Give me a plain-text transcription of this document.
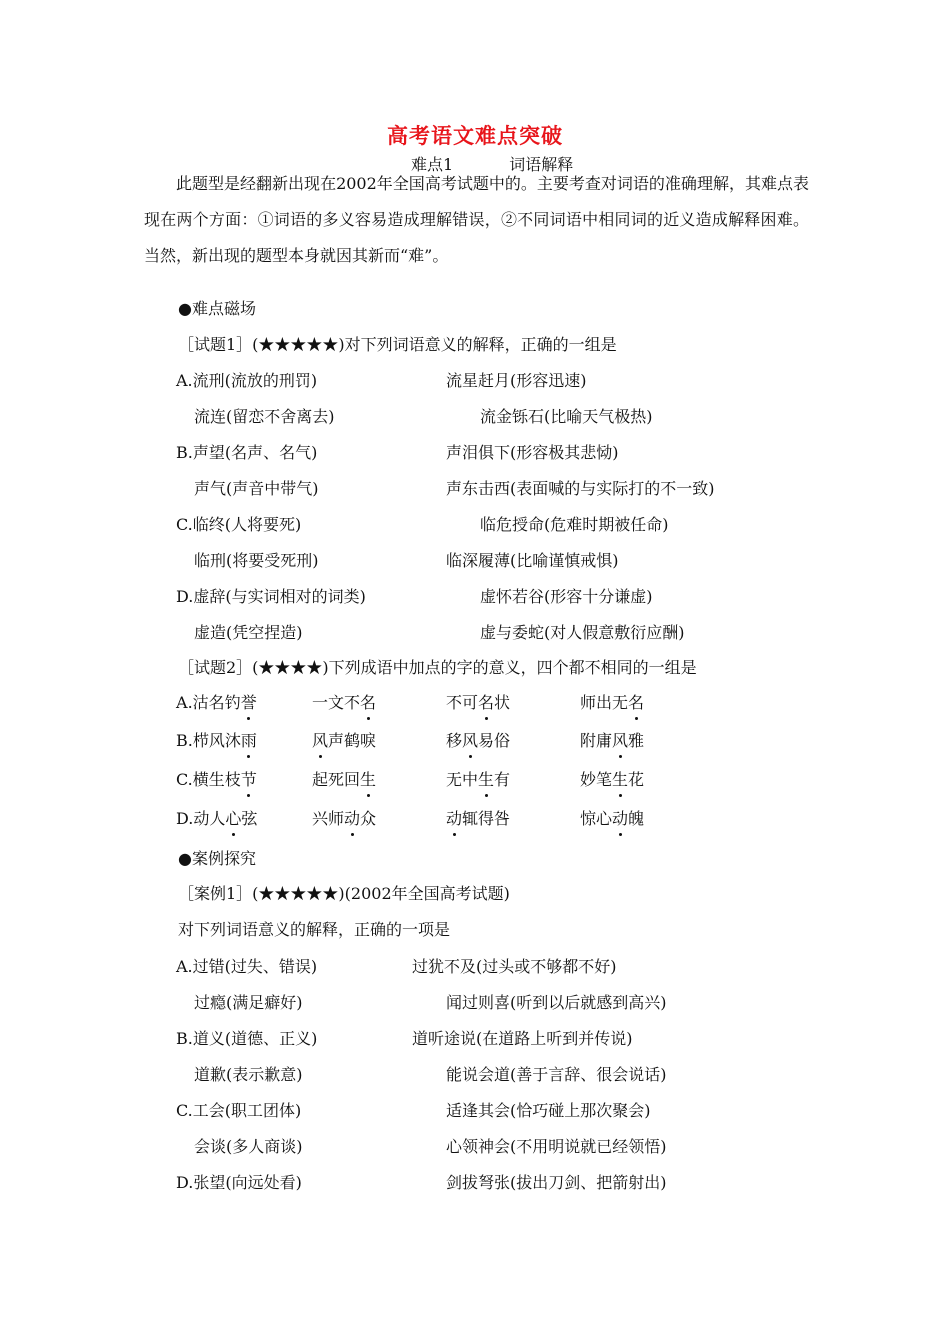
高考语文难点突破
难点1	词语解释
此题型是经翻新出现在2002年全国高考试题中的。主要考查对词语的准确理解，其难点表现在两个方面：①词语的多义容易造成理解错误，②不同词语中相同词的近义造成解释困难。当然，新出现的题型本身就因其新而“难”。
●难点磁场
［试题1］(★★★★★)对下列词语意义的解释，正确的一组是
A.流刑(流放的刑罚)	流星赶月(形容迅速)
流连(留恋不舍离去)	流金铄石(比喻天气极热)
B.声望(名声、名气)	声泪俱下(形容极其悲恸)
声气(声音中带气)	声东击西(表面喊的与实际打的不一致)
C.临终(人将要死)	临危授命(危难时期被任命)
临刑(将要受死刑)	临深履薄(比喻谨慎戒惧)
D.虚辞(与实词相对的词类)	虚怀若谷(形容十分谦虚)
虚造(凭空捏造)	虚与委蛇(对人假意敷衍应酬)
［试题2］(★★★★)下列成语中加点的字的意义，四个都不相同的一组是
A.沽名钓誉	一文不名	不可名状	师出无名
B.栉风沐雨	风声鹤唳	移风易俗	附庸风雅
C.横生枝节	起死回生	无中生有	妙笔生花
D.动人心弦	兴师动众	动辄得咎	惊心动魄
●案例探究
［案例1］(★★★★★)(2002年全国高考试题)
对下列词语意义的解释，正确的一项是
A.过错(过失、错误)	过犹不及(过头或不够都不好)
过瘾(满足癖好)	闻过则喜(听到以后就感到高兴)
B.道义(道德、正义)	道听途说(在道路上听到并传说)
道歉(表示歉意)	能说会道(善于言辞、很会说话)
C.工会(职工团体)	适逢其会(恰巧碰上那次聚会)
会谈(多人商谈)	心领神会(不用明说就已经领悟)
D.张望(向远处看)	剑拔弩张(拔出刀剑、把箭射出)
